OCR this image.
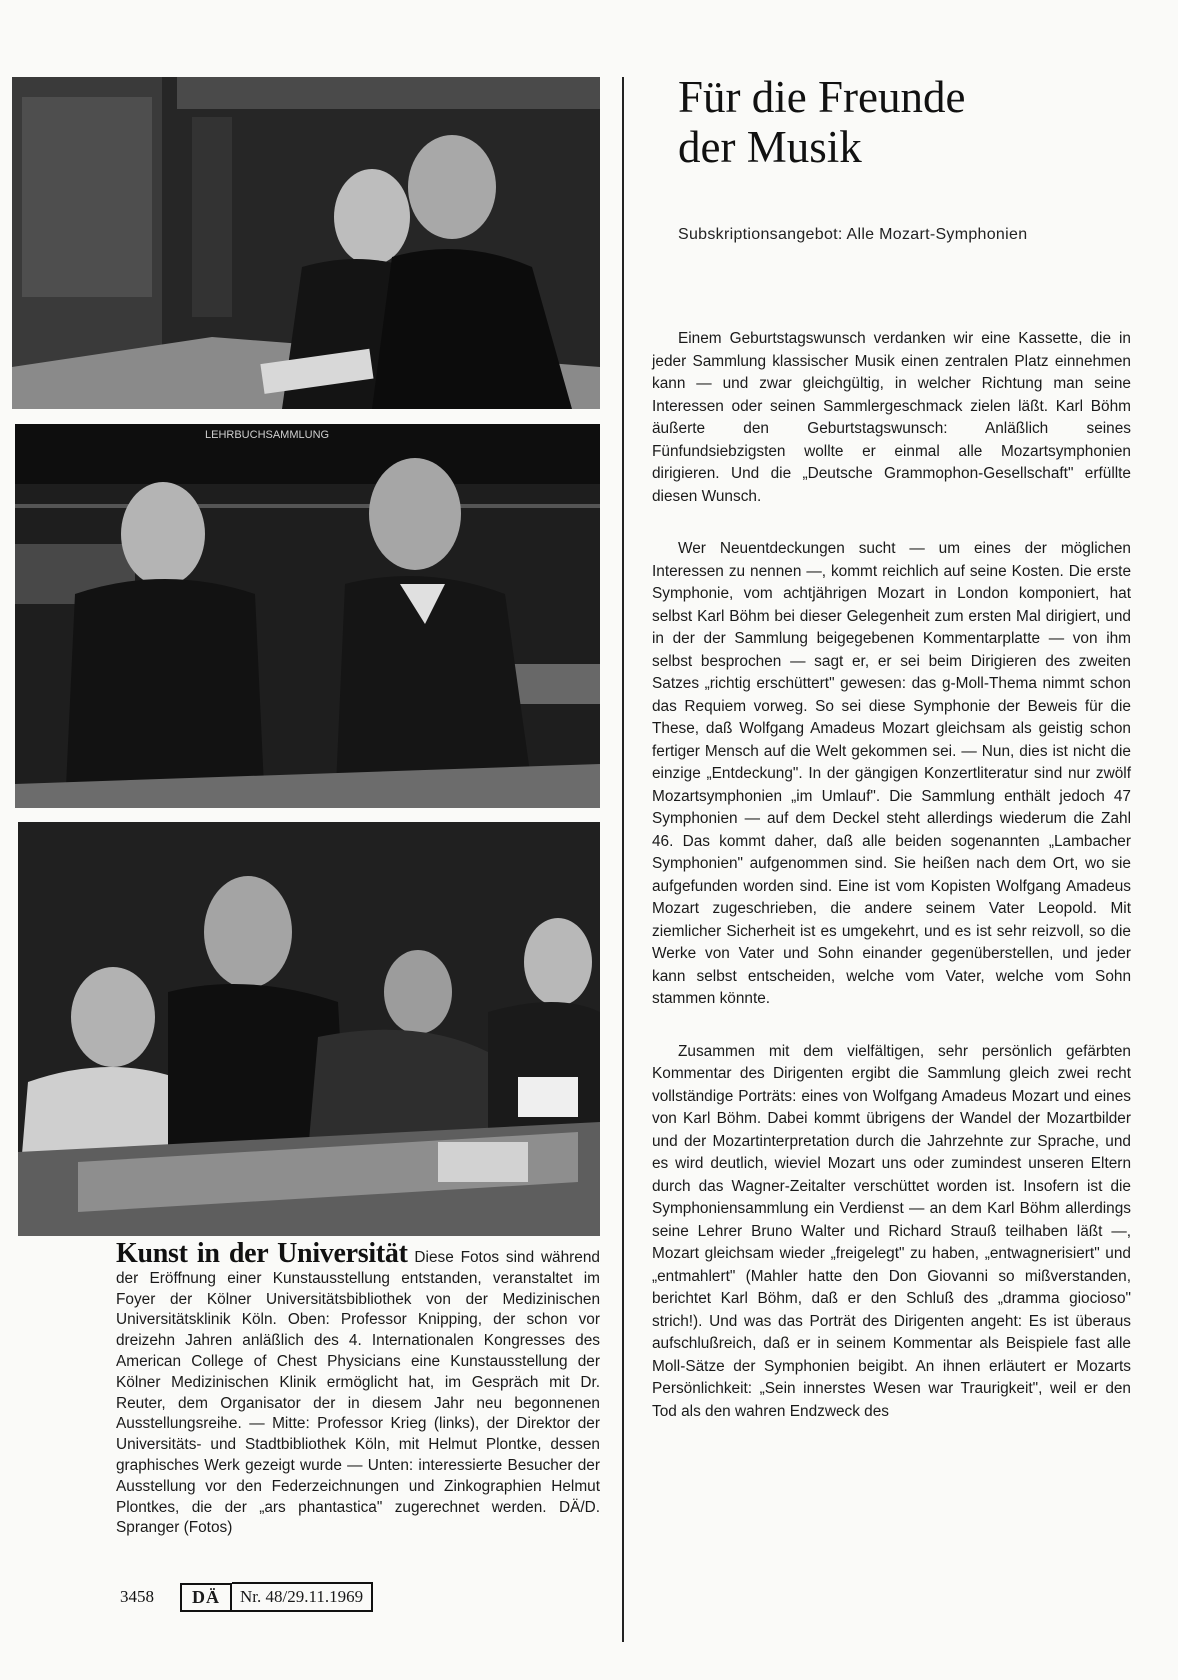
LEHRBUCHSAMMLUNG
Für die Freunde
der Musik
Subskriptionsangebot: Alle Mozart-Symphonien

Einem Geburtstagswunsch verdanken wir eine Kassette, die in jeder Sammlung klassischer Musik einen zentralen Platz einnehmen kann — und zwar gleichgültig, in welcher Richtung man seine Interessen oder seinen Sammlergeschmack zielen läßt. Karl Böhm äußerte den Geburtstagswunsch: Anläßlich seines Fünfundsiebzigsten wollte er einmal alle Mozartsymphonien dirigieren. Und die „Deutsche Grammophon-Gesellschaft" erfüllte diesen Wunsch.

Wer Neuentdeckungen sucht — um eines der möglichen Interessen zu nennen —, kommt reichlich auf seine Kosten. Die erste Symphonie, vom achtjährigen Mozart in London komponiert, hat selbst Karl Böhm bei dieser Gelegenheit zum ersten Mal dirigiert, und in der der Sammlung beigegebenen Kommentarplatte — von ihm selbst besprochen — sagt er, er sei beim Dirigieren des zweiten Satzes „richtig erschüttert" gewesen: das g-Moll-Thema nimmt schon das Requiem vorweg. So sei diese Symphonie der Beweis für die These, daß Wolfgang Amadeus Mozart gleichsam als geistig schon fertiger Mensch auf die Welt gekommen sei. — Nun, dies ist nicht die einzige „Entdeckung". In der gängigen Konzertliteratur sind nur zwölf Mozartsymphonien „im Umlauf". Die Sammlung enthält jedoch 47 Symphonien — auf dem Deckel steht allerdings wiederum die Zahl 46. Das kommt daher, daß alle beiden sogenannten „Lambacher Symphonien" aufgenommen sind. Sie heißen nach dem Ort, wo sie aufgefunden worden sind. Eine ist vom Kopisten Wolfgang Amadeus Mozart zugeschrieben, die andere seinem Vater Leopold. Mit ziemlicher Sicherheit ist es umgekehrt, und es ist sehr reizvoll, so die Werke von Vater und Sohn einander gegenüberstellen, und jeder kann selbst entscheiden, welche vom Vater, welche vom Sohn stammen könnte.

Zusammen mit dem vielfältigen, sehr persönlich gefärbten Kommentar des Dirigenten ergibt die Sammlung gleich zwei recht vollständige Porträts: eines von Wolfgang Amadeus Mozart und eines von Karl Böhm. Dabei kommt übrigens der Wandel der Mozartbilder und der Mozartinterpretation durch die Jahrzehnte zur Sprache, und es wird deutlich, wieviel Mozart uns oder zumindest unseren Eltern durch das Wagner-Zeitalter verschüttet worden ist. Insofern ist die Symphoniensammlung ein Verdienst — an dem Karl Böhm allerdings seine Lehrer Bruno Walter und Richard Strauß teilhaben läßt —, Mozart gleichsam wieder „freigelegt" zu haben, „entwagnerisiert" und „entmahlert" (Mahler hatte den Don Giovanni so mißverstanden, berichtet Karl Böhm, daß er den Schluß des „dramma giocioso" strich!). Und was das Porträt des Dirigenten angeht: Es ist überaus aufschlußreich, daß er in seinem Kommentar als Beispiele fast alle Moll-Sätze der Symphonien beigibt. An ihnen erläutert er Mozarts Persönlichkeit: „Sein innerstes Wesen war Traurigkeit", weil er den Tod als den wahren Endzweck des

Kunst in der Universität Diese Fotos sind während der Eröffnung einer Kunstausstellung entstanden, veranstaltet im Foyer der Kölner Universitätsbibliothek von der Medizinischen Universitätsklinik Köln. Oben: Professor Knipping, der schon vor dreizehn Jahren anläßlich des 4. Internationalen Kongresses des American College of Chest Physicians eine Kunstausstellung der Kölner Medizinischen Klinik ermöglicht hat, im Gespräch mit Dr. Reuter, dem Organisator der in diesem Jahr neu begonnenen Ausstellungsreihe. — Mitte: Professor Krieg (links), der Direktor der Universitäts- und Stadtbibliothek Köln, mit Helmut Plontke, dessen graphisches Werk gezeigt wurde — Unten: interessierte Besucher der Ausstellung vor den Federzeichnungen und Zinkographien Helmut Plontkes, die der „ars phantastica" zugerechnet werden. DÄ/D. Spranger (Fotos)
3458	DÄ	Nr. 48/29.11.1969
